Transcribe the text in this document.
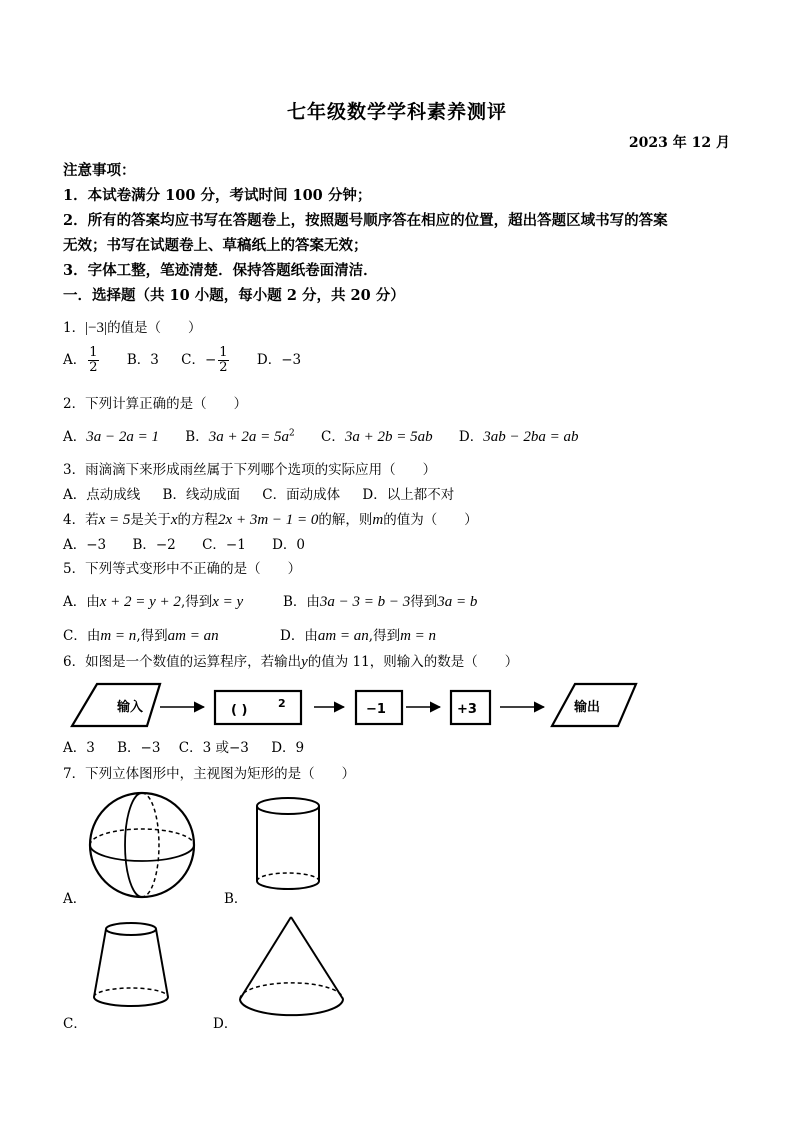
七年级数学学科素养测评
2023 年 12 月
注意事项：
1．本试卷满分 100 分，考试时间 100 分钟；
2．所有的答案均应书写在答题卷上，按照题号顺序答在相应的位置，超出答题区域书写的答案
无效；书写在试题卷上、草稿纸上的答案无效；
3．字体工整，笔迹清楚．保持答题纸卷面清洁．
一．选择题（共 10 小题，每小题 2 分，共 20 分）
1．|−3|的值是（　　）
A． $\frac{1}{2}$ B．3 C．− $\frac{1}{2}$ D．−3
2．下列计算正确的是（　　）
A．3a − 2a = 1 B．$3a + 2a = 5a^2$ C．3a + 2b = 5ab D．3ab − 2ba = ab
3．雨滴滴下来形成雨丝属于下列哪个选项的实际应用（　　）
A．点动成线 B．线动成面 C．面动成体 D．以上都不对
4．若x = 5是关于x的方程2x + 3m − 1 = 0的解，则m的值为（　　）
A．−3 B．−2 C．−1 D．0
5．下列等式变形中不正确的是（　　）
A．由x + 2 = y + 2,得到x = y	B．由3a − 3 = b − 3得到3a = b
C．由m = n,得到am = an	D．由am = an,得到m = n
6．如图是一个数值的运算程序，若输出y的值为 11，则输入的数是（　　）
输入	( )	2	−1	+3	输出
A．3 B．−3 C．3 或−3 D．9
7．下列立体图形中，主视图为矩形的是（　　）
A．	B．
C．	D．
